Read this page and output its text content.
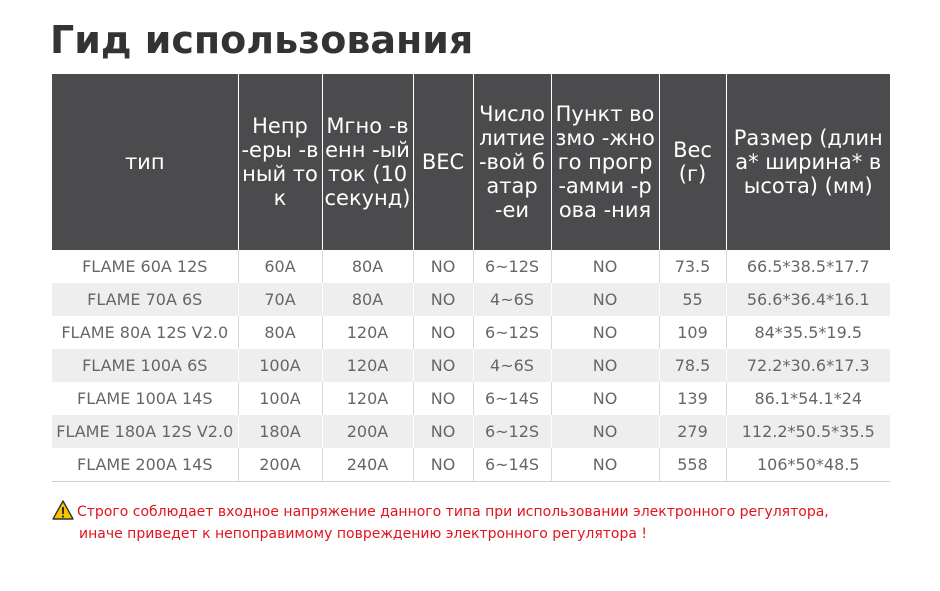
Гид использования
тип	Непр -еры -вный ток	Мгно -венн -ый ток (10 секунд)	BEC	Число литие -вой батар -еи	Пункт возмо -жного прогр -амми -рова -ния	Вес (г)	Размер (длина* ширина* высота) (мм)
FLAME 60A 12S	60A	80A	NO	6~12S	NO	73.5	66.5*38.5*17.7
FLAME 70A 6S	70A	80A	NO	4~6S	NO	55	56.6*36.4*16.1
FLAME 80A 12S V2.0	80A	120A	NO	6~12S	NO	109	84*35.5*19.5
FLAME 100A 6S	100A	120A	NO	4~6S	NO	78.5	72.2*30.6*17.3
FLAME 100A 14S	100A	120A	NO	6~14S	NO	139	86.1*54.1*24
FLAME 180A 12S V2.0	180A	200A	NO	6~12S	NO	279	112.2*50.5*35.5
FLAME 200A 14S	200A	240A	NO	6~14S	NO	558	106*50*48.5
Строго соблюдает входное напряжение данного типа при использовании электронного регулятора,
иначе приведет к непоправимому повреждению электронного регулятора !
